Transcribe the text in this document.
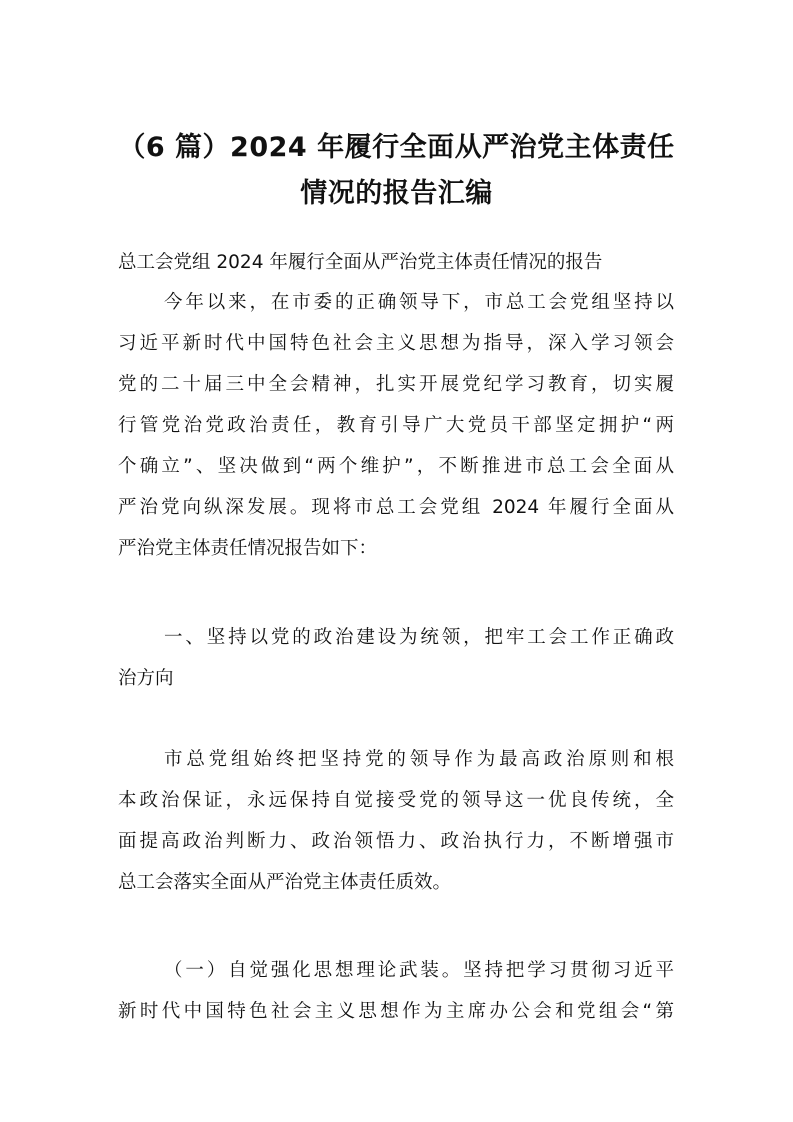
（6 篇）2024 年履行全面从严治党主体责任
情况的报告汇编
总工会党组 2024 年履行全面从严治党主体责任情况的报告
今年以来，在市委的正确领导下，市总工会党组坚持以
习近平新时代中国特色社会主义思想为指导，深入学习领会
党的二十届三中全会精神，扎实开展党纪学习教育，切实履
行管党治党政治责任，教育引导广大党员干部坚定拥护“两
个确立”、坚决做到“两个维护”，不断推进市总工会全面从
严治党向纵深发展。现将市总工会党组 2024 年履行全面从
严治党主体责任情况报告如下：
一、坚持以党的政治建设为统领，把牢工会工作正确政
治方向
市总党组始终把坚持党的领导作为最高政治原则和根
本政治保证，永远保持自觉接受党的领导这一优良传统，全
面提高政治判断力、政治领悟力、政治执行力，不断增强市
总工会落实全面从严治党主体责任质效。
（一）自觉强化思想理论武装。坚持把学习贯彻习近平
新时代中国特色社会主义思想作为主席办公会和党组会“第
